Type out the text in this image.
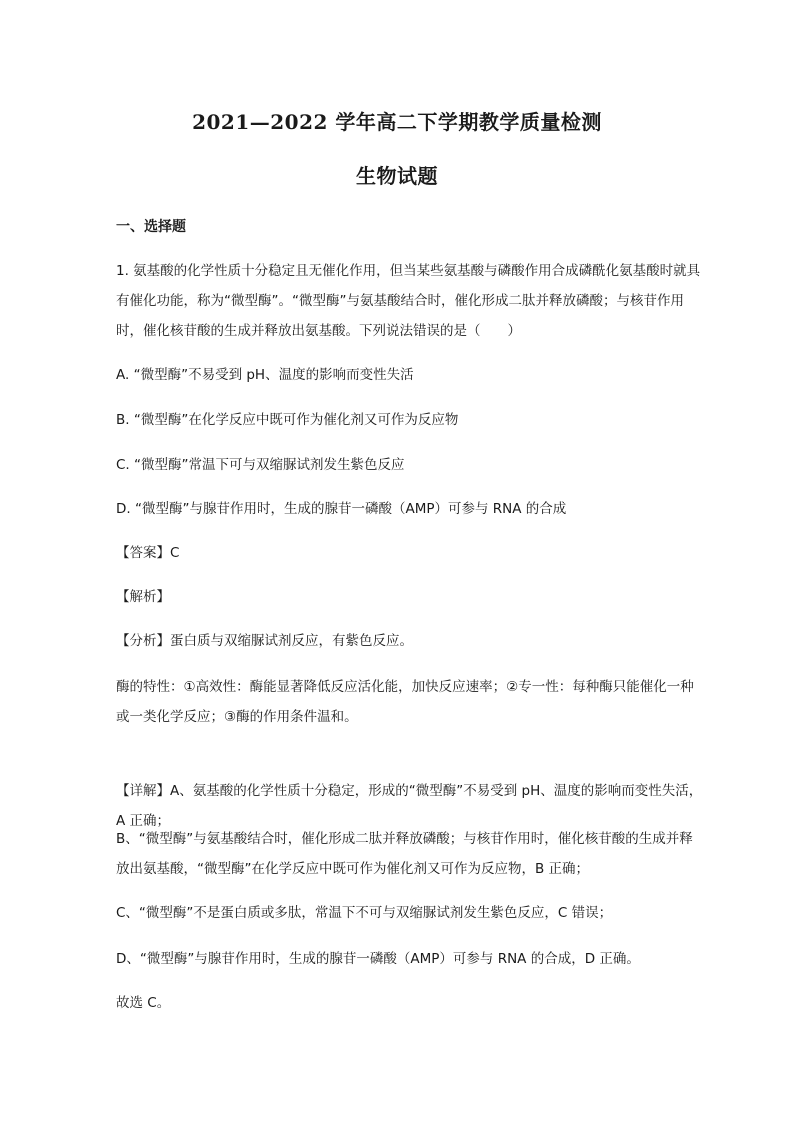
2021—2022 学年高二下学期教学质量检测
生物试题
一、选择题
1. 氨基酸的化学性质十分稳定且无催化作用，但当某些氨基酸与磷酸作用合成磷酰化氨基酸时就具有催化功能，称为“微型酶”。“微型酶”与氨基酸结合时，催化形成二肽并释放磷酸；与核苷作用时，催化核苷酸的生成并释放出氨基酸。下列说法错误的是（　　）
A. “微型酶”不易受到 pH、温度的影响而变性失活
B. “微型酶”在化学反应中既可作为催化剂又可作为反应物
C. “微型酶”常温下可与双缩脲试剂发生紫色反应
D. “微型酶”与腺苷作用时，生成的腺苷一磷酸（AMP）可参与 RNA 的合成
【答案】C
【解析】
【分析】蛋白质与双缩脲试剂反应，有紫色反应。
酶的特性：①高效性：酶能显著降低反应活化能，加快反应速率；②专一性：每种酶只能催化一种或一类化学反应；③酶的作用条件温和。
【详解】A、氨基酸的化学性质十分稳定，形成的“微型酶”不易受到 pH、温度的影响而变性失活，A 正确；
B、“微型酶”与氨基酸结合时，催化形成二肽并释放磷酸；与核苷作用时，催化核苷酸的生成并释放出氨基酸，“微型酶”在化学反应中既可作为催化剂又可作为反应物，B 正确；
C、“微型酶”不是蛋白质或多肽，常温下不可与双缩脲试剂发生紫色反应，C 错误；
D、“微型酶”与腺苷作用时，生成的腺苷一磷酸（AMP）可参与 RNA 的合成，D 正确。
故选 C。
